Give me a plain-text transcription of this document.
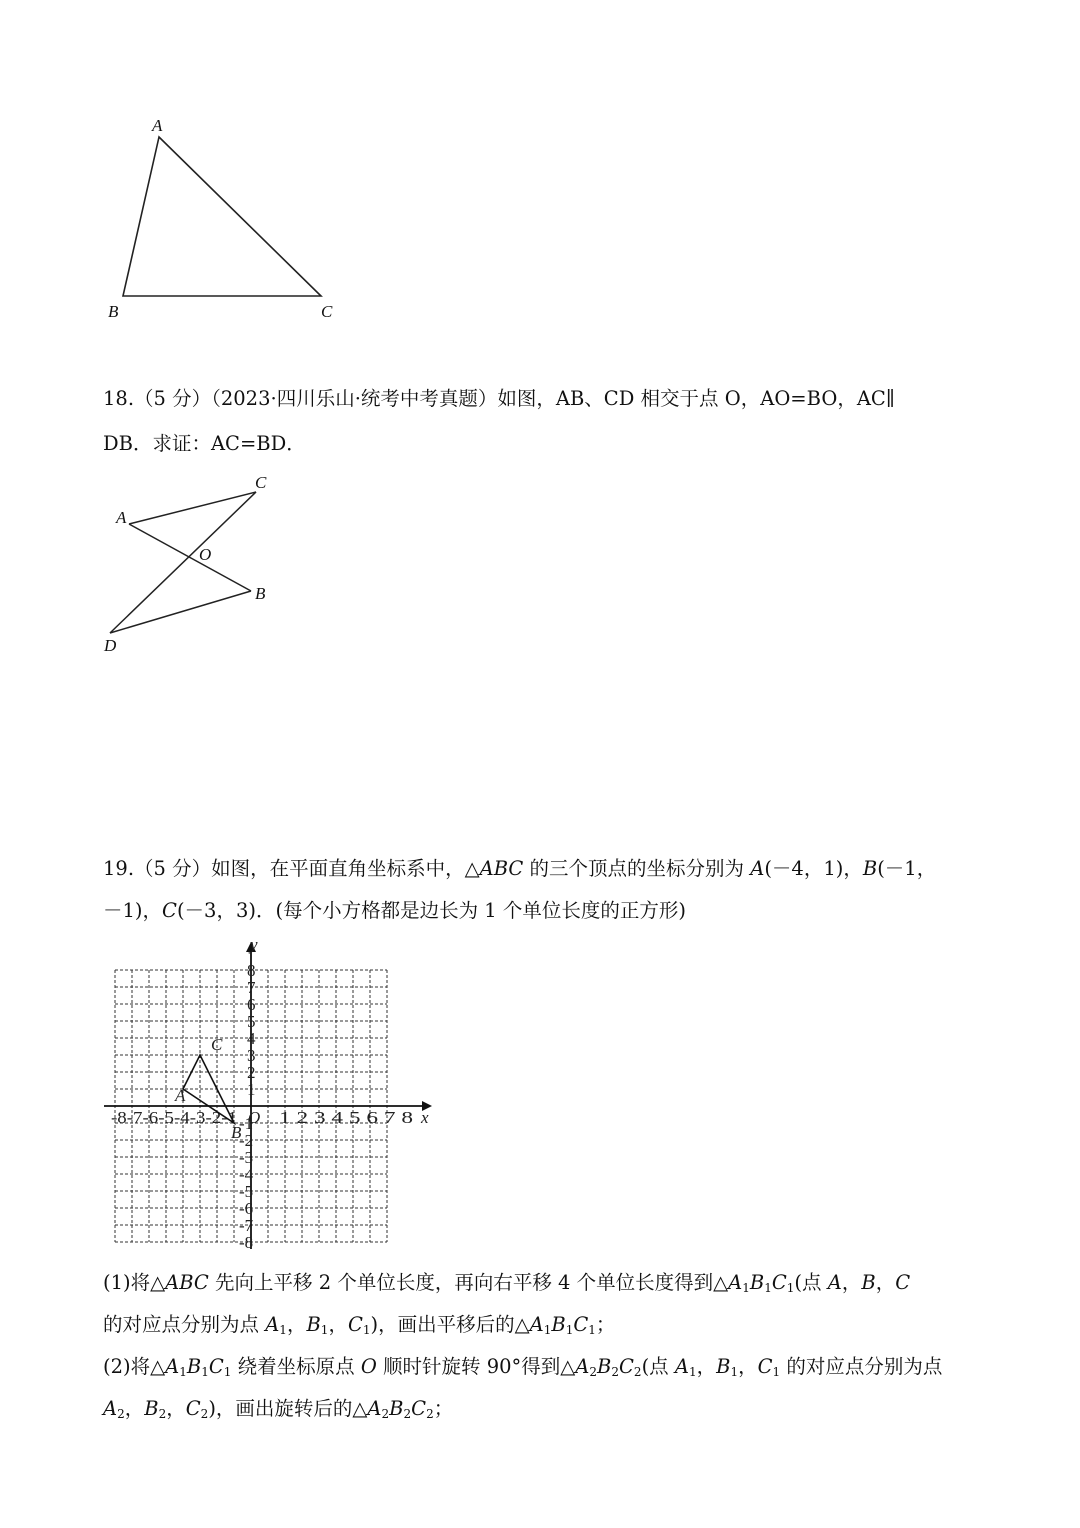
A
B	C
18.（5 分）（2023·四川乐山·统考中考真题）如图，AB、CD 相交于点 O，AO=BO，AC∥
DB．求证：AC=BD．
A
C
O
B
D
19.（5 分）如图，在平面直角坐标系中，△ABC 的三个顶点的坐标分别为 A(－4，1)，B(－1，
－1)，C(－3，3)．(每个小方格都是边长为 1 个单位长度的正方形)
-8-7-6-5-4-3-2-1 1 2 3 4 5 6 7 8
1
2
3
4
5
6
7
8
-1
-2
-3
-4
-5
-6
-7
-8
O	x
y
A
B
C
(1)将△ABC 先向上平移 2 个单位长度，再向右平移 4 个单位长度得到$\triangle A_1B_1C_1$(点 A，B，C
的对应点分别为点 $A_1$，$B_1$，$C_1$)，画出平移后的$\triangle A_1B_1C_1$；
(2)将$\triangle A_1B_1C_1$ 绕着坐标原点 O 顺时针旋转 90°得到$\triangle A_2B_2C_2$(点 $A_1$，$B_1$，$C_1$ 的对应点分别为点
$A_2$，$B_2$，$C_2$)，画出旋转后的$\triangle A_2B_2C_2$；
